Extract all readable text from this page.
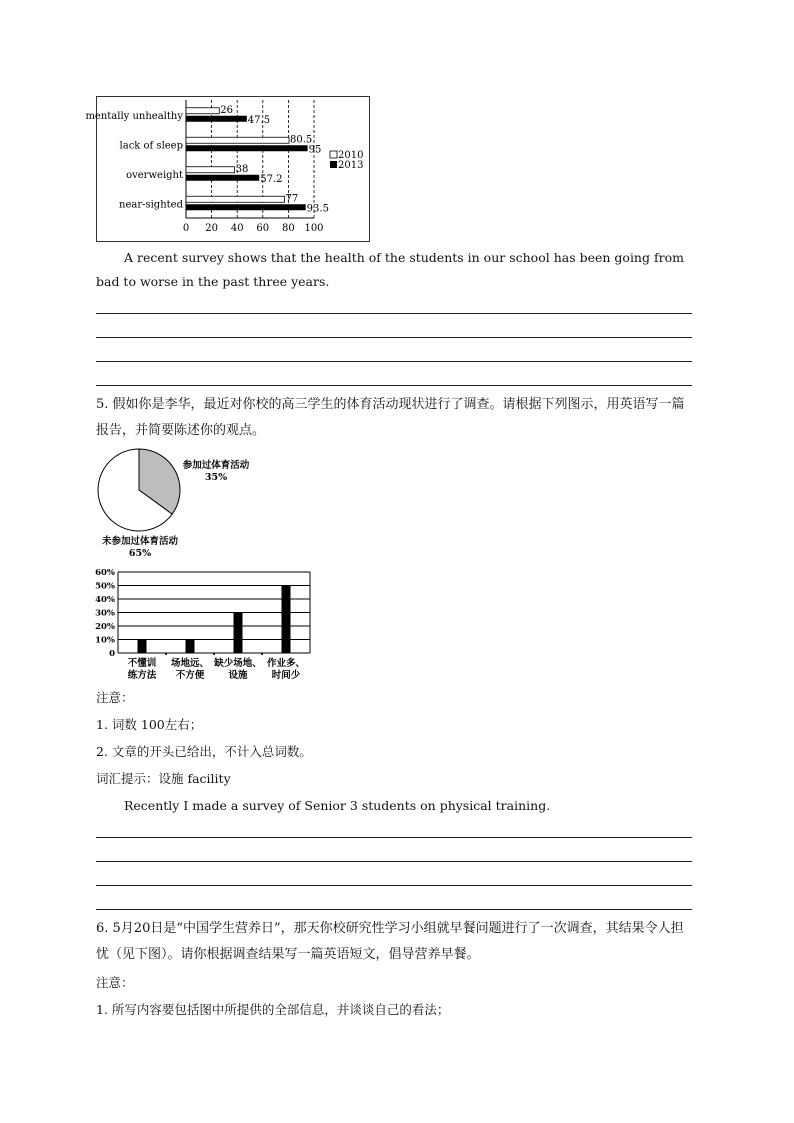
0 20 40 60 80 100
mentally unhealthy
26
47.5
lack of sleep
80.5
95
overweight
38
57.2
near-sighted
77
93.5
2010
2013
A recent survey shows that the health of the students in our school has been going from bad to worse in the past three years.
5. 假如你是李华，最近对你校的高三学生的体育活动现状进行了调查。请根据下列图示，用英语写一篇报告，并简要陈述你的观点。
参加过体育活动
35%
未参加过体育活动
65%
0
10%
20%
30%
40%
50%
60%
不懂训
练方法
场地远、
不方便
缺少场地、
设施
作业多、
时间少
注意：
1. 词数 100左右；
2. 文章的开头已给出，不计入总词数。
词汇提示：设施 facility
Recently I made a survey of Senior 3 students on physical training.
6. 5月20日是“中国学生营养日”，那天你校研究性学习小组就早餐问题进行了一次调查，其结果令人担忧（见下图）。请你根据调查结果写一篇英语短文，倡导营养早餐。
注意：
1. 所写内容要包括图中所提供的全部信息，并谈谈自己的看法；
